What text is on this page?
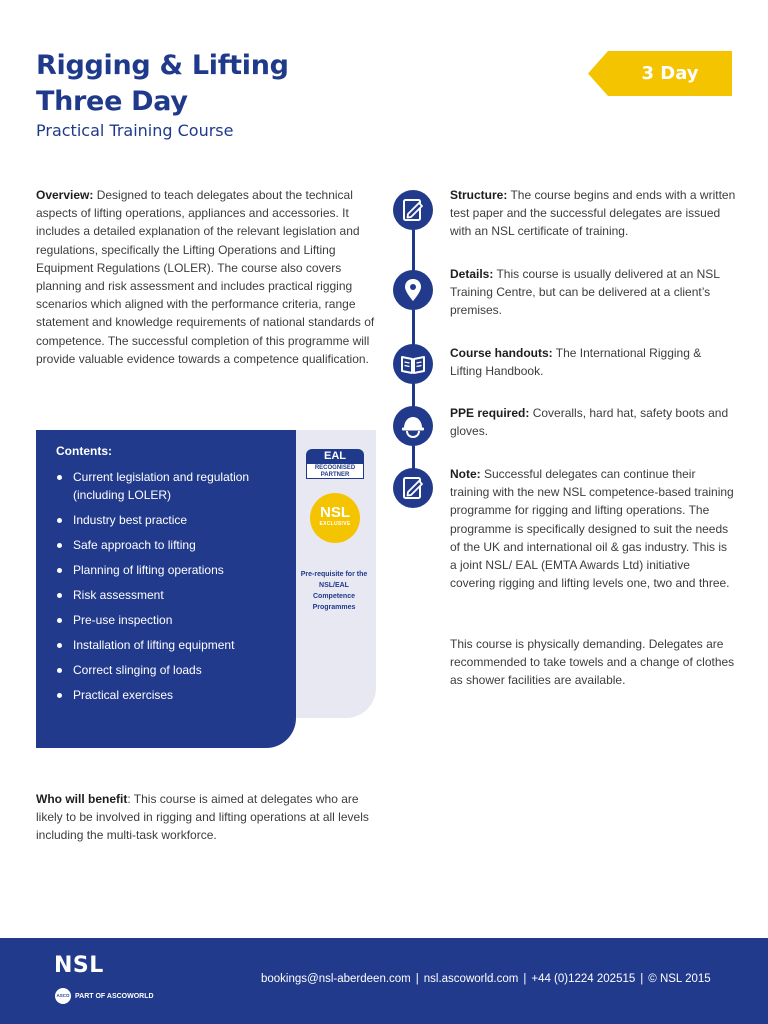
Rigging & Lifting
Three Day
Practical Training Course
3 Day

Overview: Designed to teach delegates about the technical aspects of lifting operations, appliances and accessories. It includes a detailed explanation of the relevant legislation and regulations, specifically the Lifting Operations and Lifting Equipment Regulations (LOLER). The course also covers planning and risk assessment and includes practical rigging scenarios which aligned with the performance criteria, range statement and knowledge requirements of national standards of competence. The successful completion of this programme will provide valuable evidence towards a competence qualification.

Contents:
Current legislation and regulation (including LOLER)
Industry best practice
Safe approach to lifting
Planning of lifting operations
Risk assessment
Pre-use inspection
Installation of lifting equipment
Correct slinging of loads
Practical exercises
EAL
RECOGNISED PARTNER
NSL
EXCLUSIVE
Pre-requisite for the NSL/EAL Competence Programmes

Who will benefit: This course is aimed at delegates who are likely to be involved in rigging and lifting operations at all levels including the multi-task workforce.

Structure: The course begins and ends with a written test paper and the successful delegates are issued with an NSL certificate of training.

Details: This course is usually delivered at an NSL Training Centre, but can be delivered at a client’s premises.

Course handouts: The International Rigging & Lifting Handbook.

PPE required: Coveralls, hard hat, safety boots and gloves.

Note: Successful delegates can continue their training with the new NSL competence-based training programme for rigging and lifting operations. The programme is specifically designed to suit the needs of the UK and international oil & gas industry. This is a joint NSL/ EAL (EMTA Awards Ltd) initiative covering rigging and lifting levels one, two and three.

This course is physically demanding. Delegates are recommended to take towels and a change of clothes as shower facilities are available.

NSL
ASCO PART OF ASCOWORLD
bookings@nsl-aberdeen.com | nsl.ascoworld.com | +44 (0)1224 202515 | © NSL 2015
